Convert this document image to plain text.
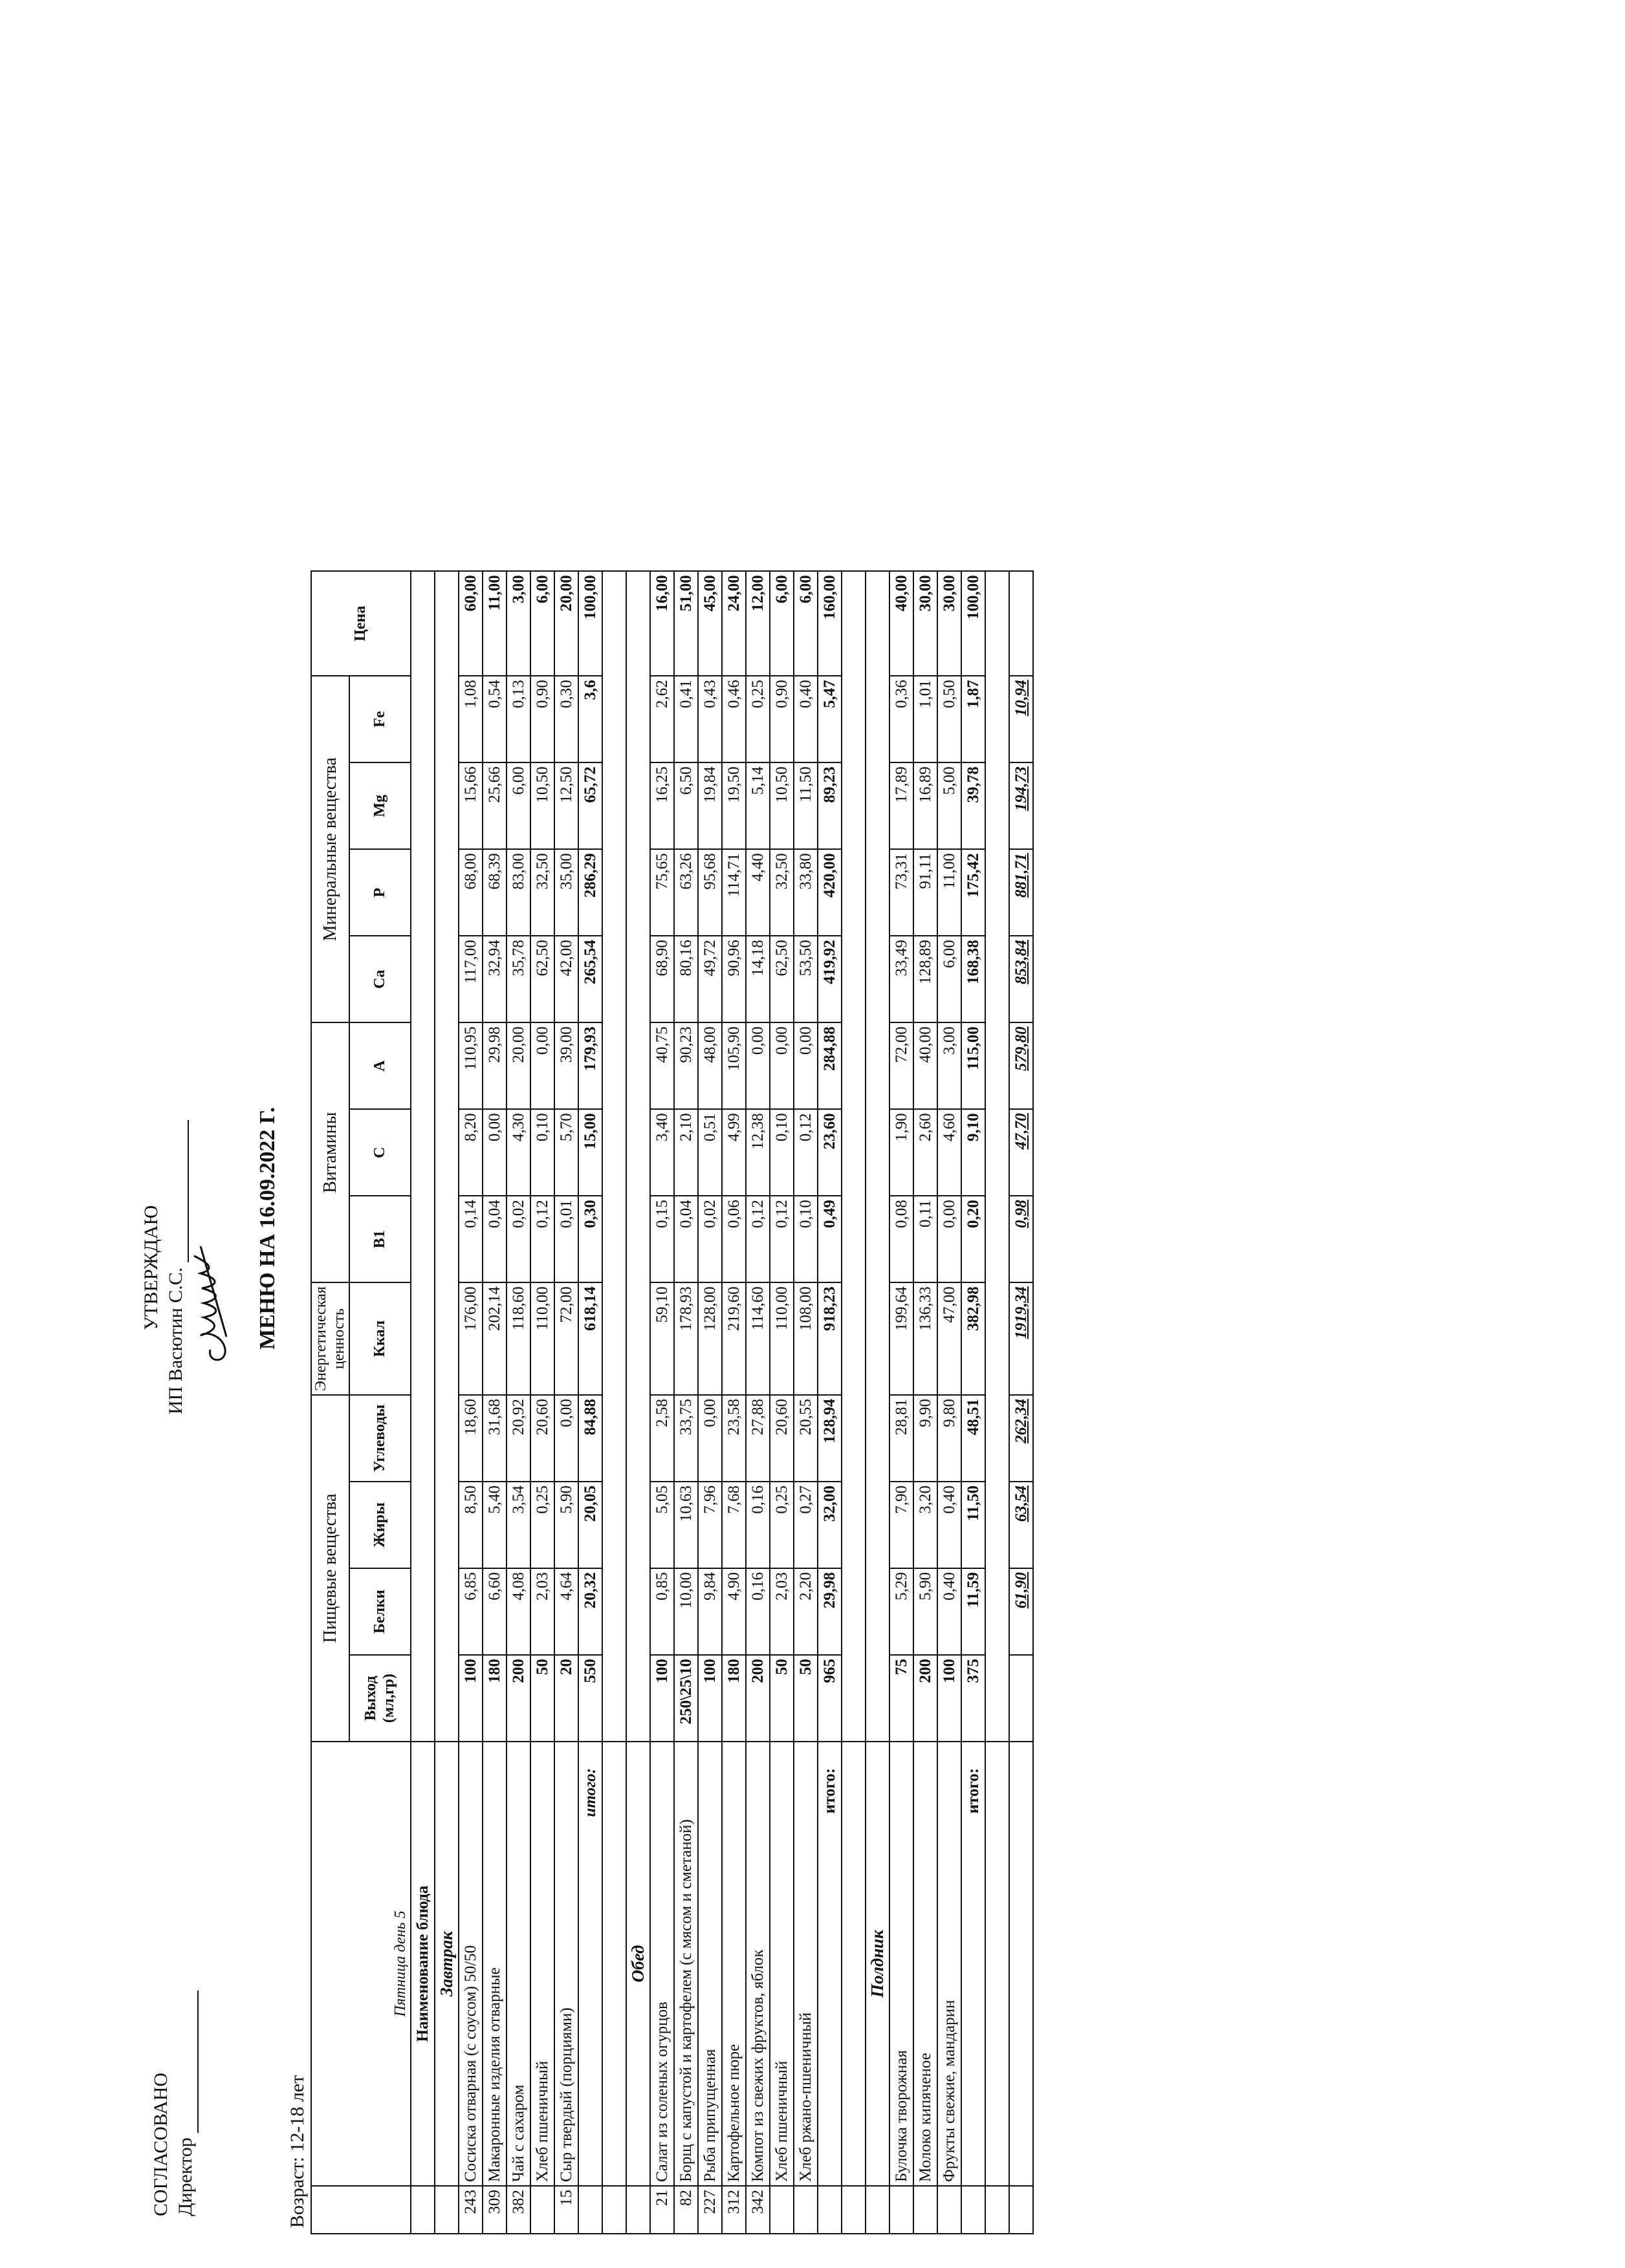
СОГЛАСОВАНО Директор
УТВЕРЖДАЮ ИП Васютин С.С.	МЕНЮ НА 16.09.2022 Г.
Возраст: 12-18 лет
	Пятница день 5	Пищевые вещества				Энергетическая ценность	Витамины			Минеральные вещества				Цена
		Выход (мл,гр)	Белки	Жиры	Углеводы	Ккал	B1	C	A	Ca	P	Mg	Fe	
	Наименование блюда													
	Завтрак													
243	Сосиска отварная (с соусом) 50/50	100	6,85	8,50	18,60	176,00	0,14	8,20	110,95	117,00	68,00	15,66	1,08	60,00
309	Макаронные изделия отварные	180	6,60	5,40	31,68	202,14	0,04	0,00	29,98	32,94	68,39	25,66	0,54	11,00
382	Чай с сахаром	200	4,08	3,54	20,92	118,60	0,02	4,30	20,00	35,78	83,00	6,00	0,13	3,00
	Хлеб пшеничный	50	2,03	0,25	20,60	110,00	0,12	0,10	0,00	62,50	32,50	10,50	0,90	6,00
15	Сыр твердый (порциями)	20	4,64	5,90	0,00	72,00	0,01	5,70	39,00	42,00	35,00	12,50	0,30	20,00
	итого:	550	20,32	20,05	84,88	618,14	0,30	15,00	179,93	265,54	286,29	65,72	3,6	100,00

	Обед													
21	Салат из соленых огурцов	100	0,85	5,05	2,58	59,10	0,15	3,40	40,75	68,90	75,65	16,25	2,62	16,00
82	Борщ с капустой и картофелем (с мясом и сметаной)	250\25\10	10,00	10,63	33,75	178,93	0,04	2,10	90,23	80,16	63,26	6,50	0,41	51,00
227	Рыба припущенная	100	9,84	7,96	0,00	128,00	0,02	0,51	48,00	49,72	95,68	19,84	0,43	45,00
312	Картофельное пюре	180	4,90	7,68	23,58	219,60	0,06	4,99	105,90	90,96	114,71	19,50	0,46	24,00
342	Компот из свежих фруктов, яблок	200	0,16	0,16	27,88	114,60	0,12	12,38	0,00	14,18	4,40	5,14	0,25	12,00
	Хлеб пшеничный	50	2,03	0,25	20,60	110,00	0,12	0,10	0,00	62,50	32,50	10,50	0,90	6,00
	Хлеб ржано-пшеничный	50	2,20	0,27	20,55	108,00	0,10	0,12	0,00	53,50	33,80	11,50	0,40	6,00
	итого:	965	29,98	32,00	128,94	918,23	0,49	23,60	284,88	419,92	420,00	89,23	5,47	160,00

	Полдник													
	Булочка творожная	75	5,29	7,90	28,81	199,64	0,08	1,90	72,00	33,49	73,31	17,89	0,36	40,00
	Молоко кипяченое	200	5,90	3,20	9,90	136,33	0,11	2,60	40,00	128,89	91,11	16,89	1,01	30,00
	Фрукты свежие, мандарин	100	0,40	0,40	9,80	47,00	0,00	4,60	3,00	6,00	11,00	5,00	0,50	30,00
	итого:	375	11,59	11,50	48,51	382,98	0,20	9,10	115,00	168,38	175,42	39,78	1,87	100,00

			61,90	63,54	262,34	1919,34	0,98	47,70	579,80	853,84	881,71	194,73	10,94	
